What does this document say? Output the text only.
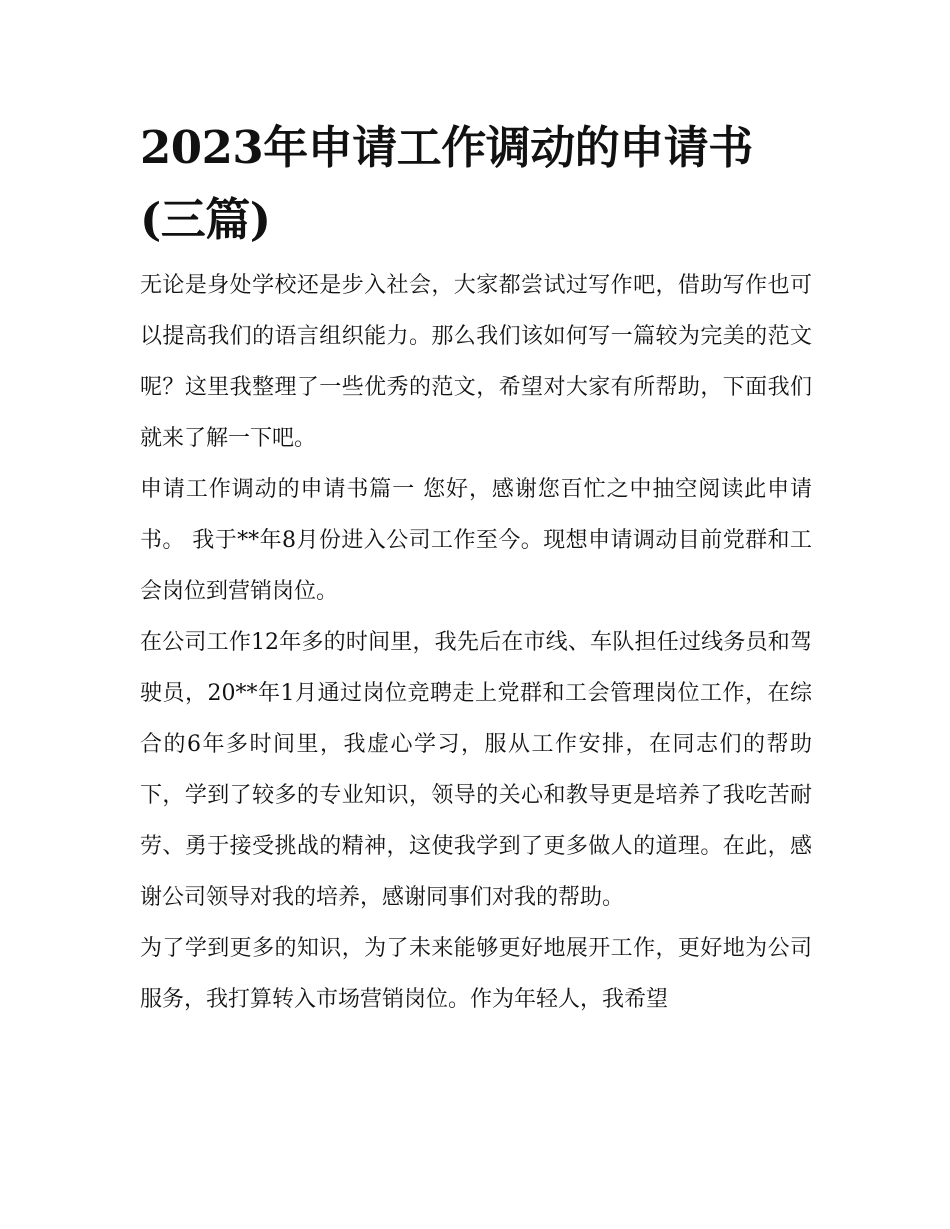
2023年申请工作调动的申请书(三篇)

无论是身处学校还是步入社会，大家都尝试过写作吧，借助写作也可以提高我们的语言组织能力。那么我们该如何写一篇较为完美的范文呢？这里我整理了一些优秀的范文，希望对大家有所帮助，下面我们就来了解一下吧。

申请工作调动的申请书篇一 您好，感谢您百忙之中抽空阅读此申请书。 我于**年8月份进入公司工作至今。现想申请调动目前党群和工会岗位到营销岗位。

在公司工作12年多的时间里，我先后在市线、车队担任过线务员和驾驶员，20**年1月通过岗位竞聘走上党群和工会管理岗位工作，在综合的6年多时间里，我虚心学习，服从工作安排，在同志们的帮助下，学到了较多的专业知识，领导的关心和教导更是培养了我吃苦耐劳、勇于接受挑战的精神，这使我学到了更多做人的道理。在此，感谢公司领导对我的培养，感谢同事们对我的帮助。

为了学到更多的知识，为了未来能够更好地展开工作，更好地为公司服务，我打算转入市场营销岗位。作为年轻人，我希望
